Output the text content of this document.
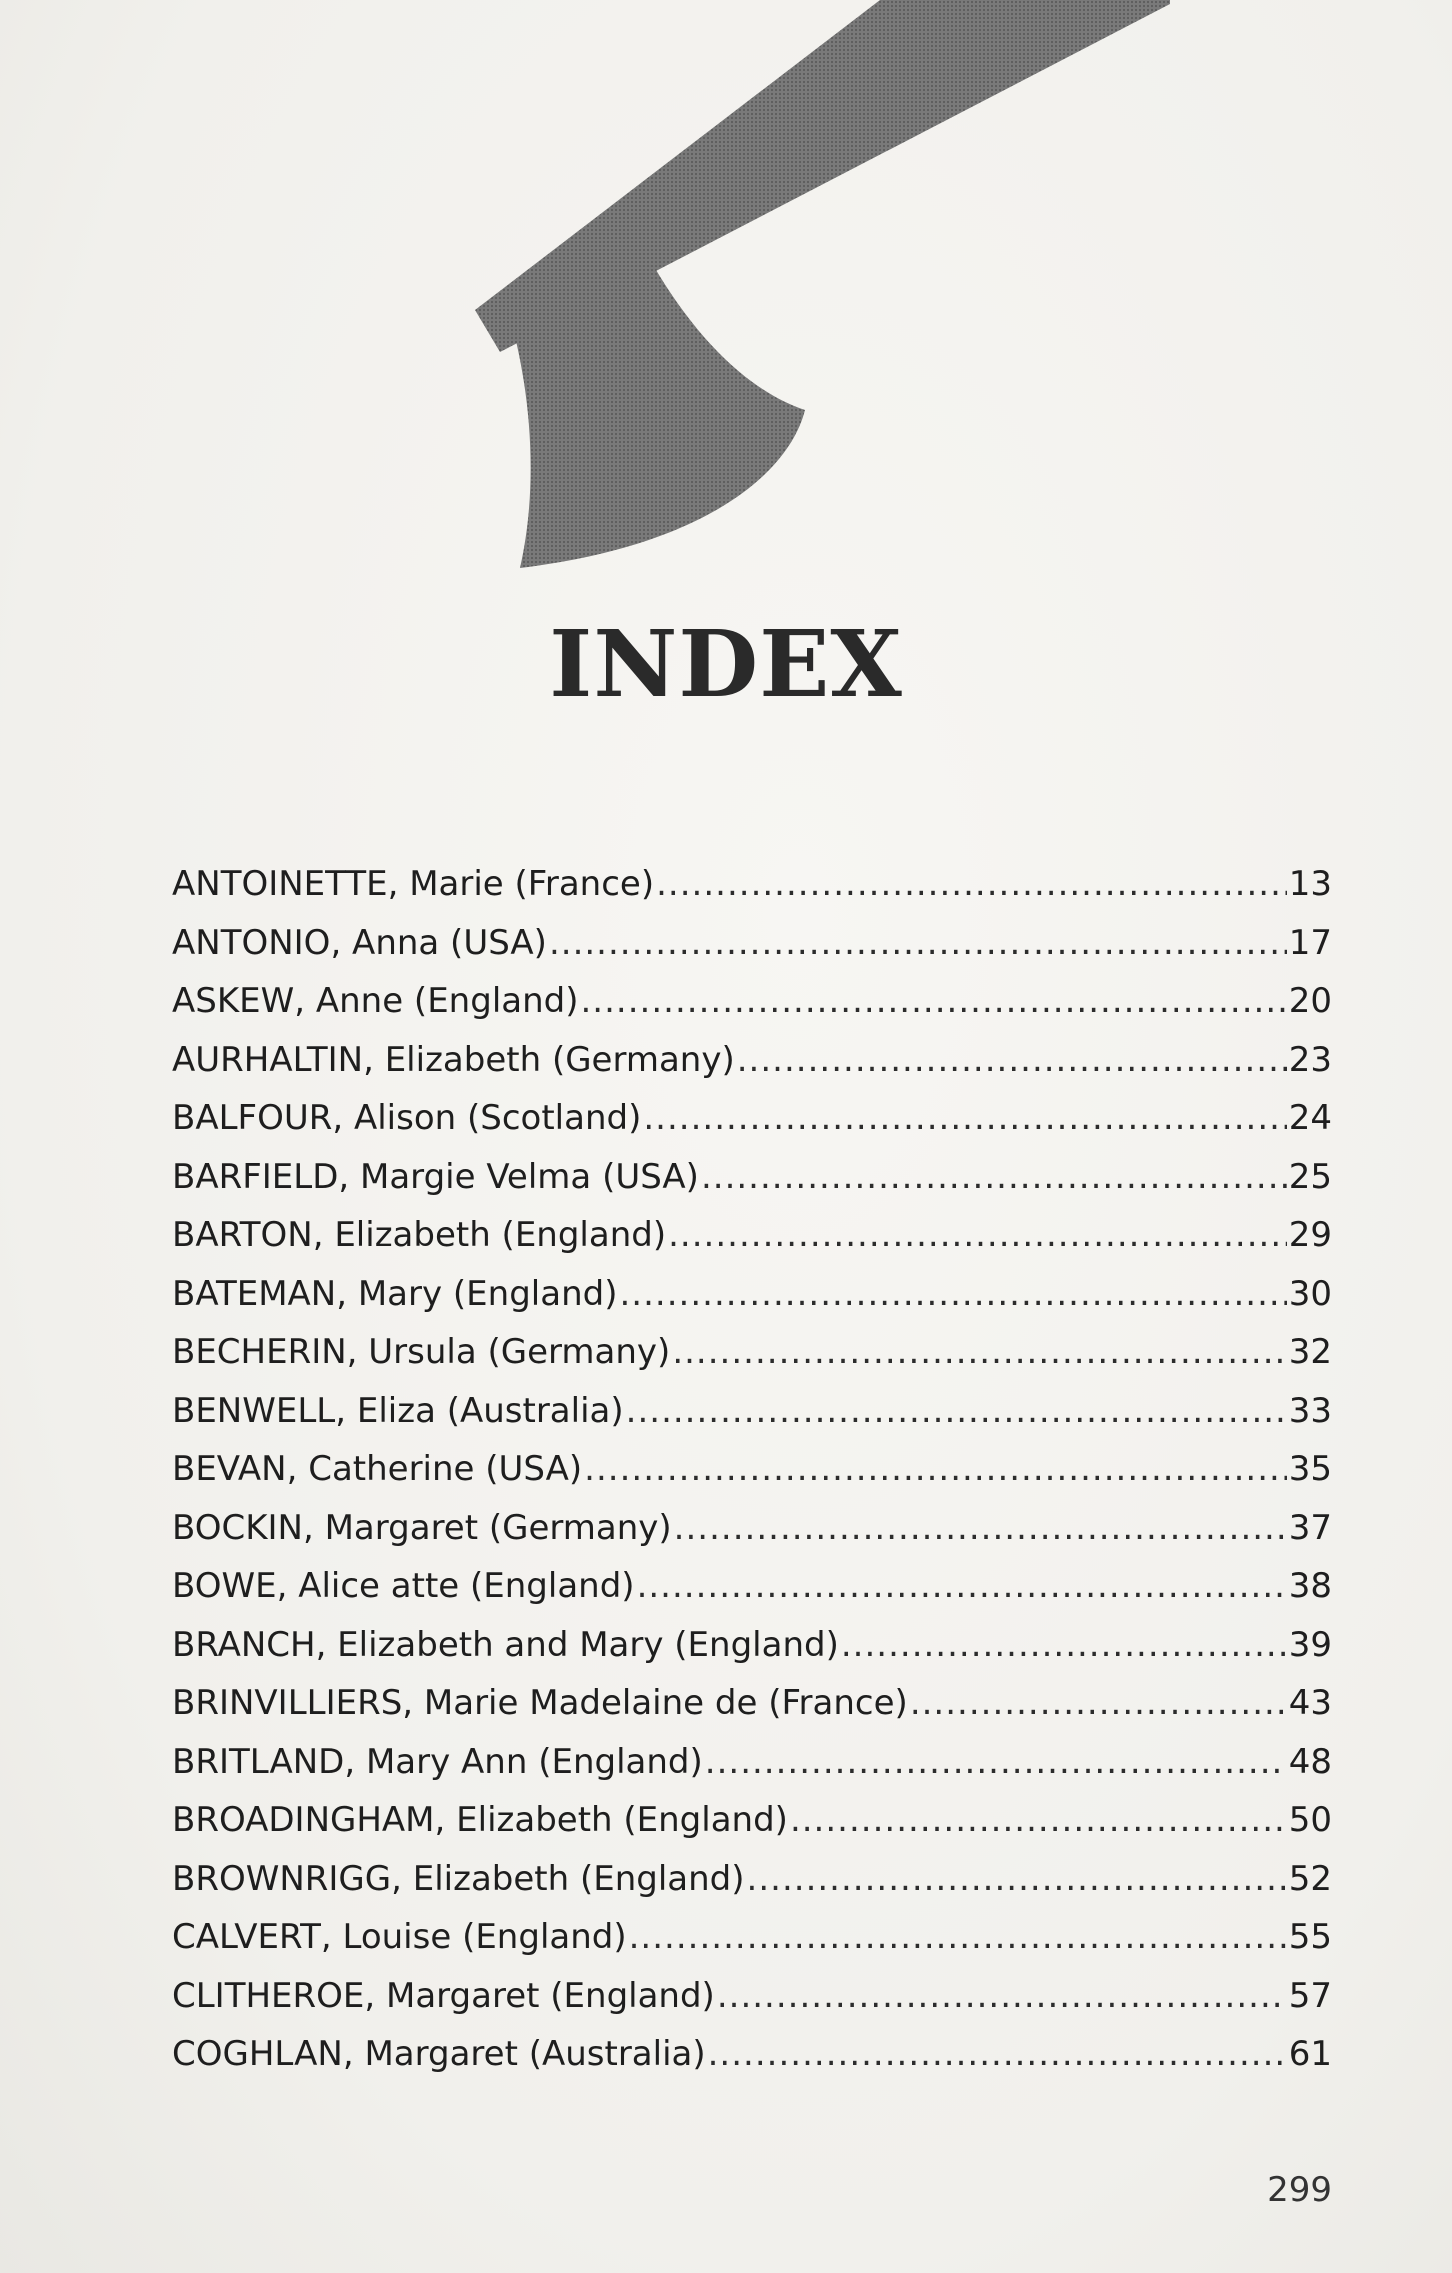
INDEX
ANTOINETTE, Marie (France) .....	13
ANTONIO, Anna (USA) .....	17
ASKEW, Anne (England) .....	20
AURHALTIN, Elizabeth (Germany) .....	23
BALFOUR, Alison (Scotland) .....	24
BARFIELD, Margie Velma (USA) .....	25
BARTON, Elizabeth (England) .....	29
BATEMAN, Mary (England) .....	30
BECHERIN, Ursula (Germany) .....	32
BENWELL, Eliza (Australia) .....	33
BEVAN, Catherine (USA) .....	35
BOCKIN, Margaret (Germany) .....	37
BOWE, Alice atte (England) .....	38
BRANCH, Elizabeth and Mary (England) .....	39
BRINVILLIERS, Marie Madelaine de (France) .....	43
BRITLAND, Mary Ann (England) .....	48
BROADINGHAM, Elizabeth (England) .....	50
BROWNRIGG, Elizabeth (England) .....	52
CALVERT, Louise (England) .....	55
CLITHEROE, Margaret (England) .....	57
COGHLAN, Margaret (Australia) .....	61
299
